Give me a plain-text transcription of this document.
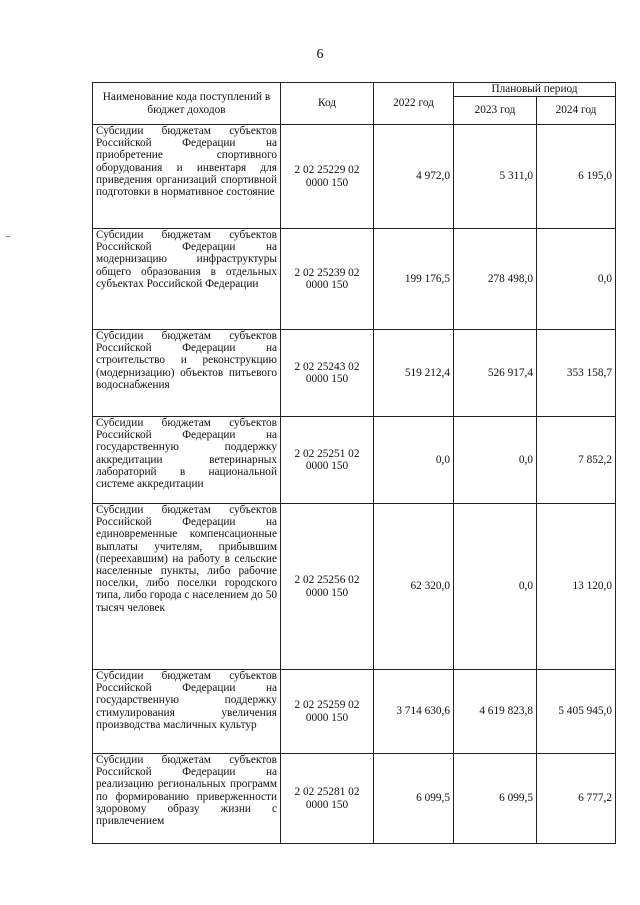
6
Наименование кода поступлений в бюджет доходов	Код	2022 год	Плановый период	
			2023 год	2024 год
Субсидии бюджетам субъектов Российской Федерации на приобретение спортивного оборудования и инвентаря для приведения организаций спортивной подготовки в нормативное состояние	2 02 25229 02 0000 150	4 972,0	5 311,0	6 195,0
Субсидии бюджетам субъектов Российской Федерации на модернизацию инфраструктуры общего образования в отдельных субъектах Российской Федерации	2 02 25239 02 0000 150	199 176,5	278 498,0	0,0
Субсидии бюджетам субъектов Российской Федерации на строительство и реконструкцию (модернизацию) объектов питьевого водоснабжения	2 02 25243 02 0000 150	519 212,4	526 917,4	353 158,7
Субсидии бюджетам субъектов Российской Федерации на государственную поддержку аккредитации ветеринарных лабораторий в национальной системе аккредитации	2 02 25251 02 0000 150	0,0	0,0	7 852,2
Субсидии бюджетам субъектов Российской Федерации на единовременные компенсационные выплаты учителям, прибывшим (переехавшим) на работу в сельские населенные пункты, либо рабочие поселки, либо поселки городского типа, либо города с населением до 50 тысяч человек	2 02 25256 02 0000 150	62 320,0	0,0	13 120,0
Субсидии бюджетам субъектов Российской Федерации на государственную поддержку стимулирования увеличения производства масличных культур	2 02 25259 02 0000 150	3 714 630,6	4 619 823,8	5 405 945,0
Субсидии бюджетам субъектов Российской Федерации на реализацию региональных программ по формированию приверженности здоровому образу жизни с привлечением	2 02 25281 02 0000 150	6 099,5	6 099,5	6 777,2
